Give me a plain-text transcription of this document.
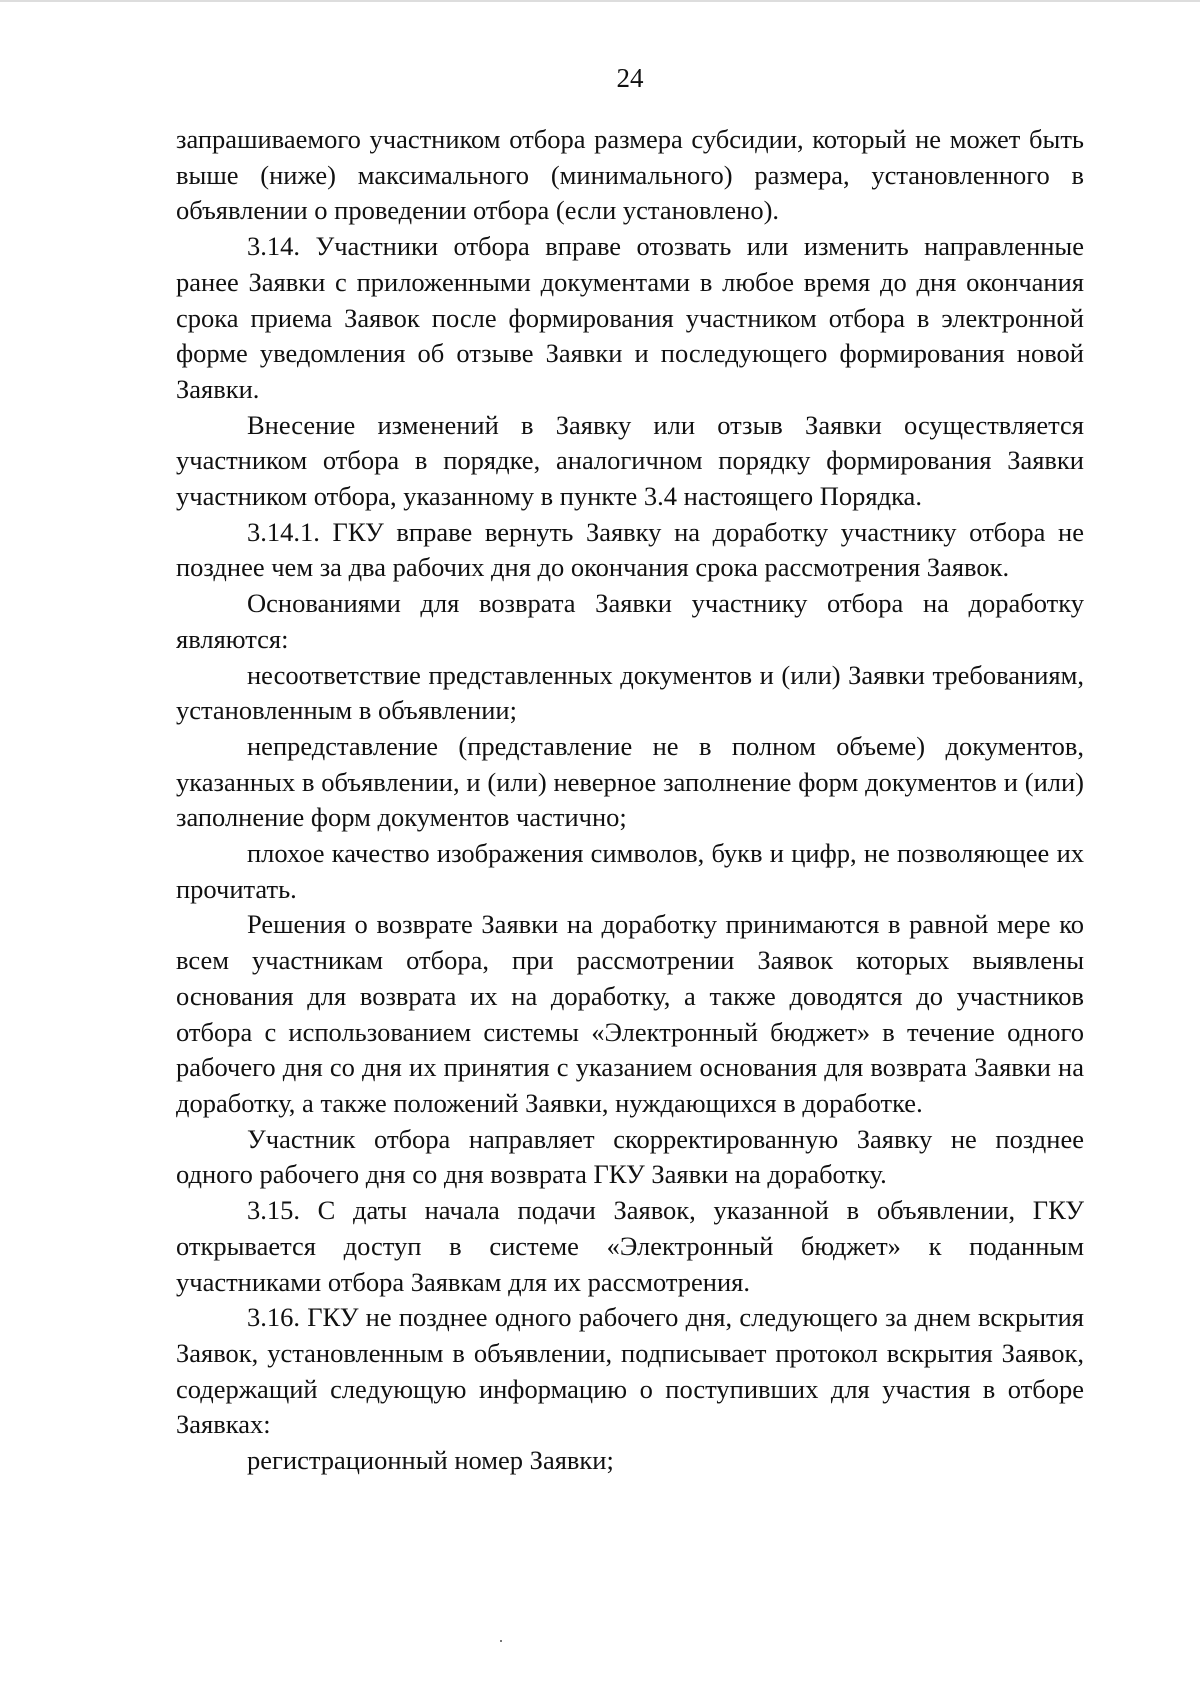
24

запрашиваемого участником отбора размера субсидии, который не может быть выше (ниже) максимального (минимального) размера, установленного в объявлении о проведении отбора (если установлено).

3.14. Участники отбора вправе отозвать или изменить направленные ранее Заявки с приложенными документами в любое время до дня окончания срока приема Заявок после формирования участником отбора в электронной форме уведомления об отзыве Заявки и последующего формирования новой Заявки.

Внесение изменений в Заявку или отзыв Заявки осуществляется участником отбора в порядке, аналогичном порядку формирования Заявки участником отбора, указанному в пункте 3.4 настоящего Порядка.

3.14.1. ГКУ вправе вернуть Заявку на доработку участнику отбора не позднее чем за два рабочих дня до окончания срока рассмотрения Заявок.

Основаниями для возврата Заявки участнику отбора на доработку являются:

несоответствие представленных документов и (или) Заявки требованиям, установленным в объявлении;

непредставление (представление не в полном объеме) документов, указанных в объявлении, и (или) неверное заполнение форм документов и (или) заполнение форм документов частично;

плохое качество изображения символов, букв и цифр, не позволяющее их прочитать.

Решения о возврате Заявки на доработку принимаются в равной мере ко всем участникам отбора, при рассмотрении Заявок которых выявлены основания для возврата их на доработку, а также доводятся до участников отбора с использованием системы «Электронный бюджет» в течение одного рабочего дня со дня их принятия с указанием основания для возврата Заявки на доработку, а также положений Заявки, нуждающихся в доработке.

Участник отбора направляет скорректированную Заявку не позднее одного рабочего дня со дня возврата ГКУ Заявки на доработку.

3.15. С даты начала подачи Заявок, указанной в объявлении, ГКУ открывается доступ в системе «Электронный бюджет» к поданным участниками отбора Заявкам для их рассмотрения.

3.16. ГКУ не позднее одного рабочего дня, следующего за днем вскрытия Заявок, установленным в объявлении, подписывает протокол вскрытия Заявок, содержащий следующую информацию о поступивших для участия в отборе Заявках:

регистрационный номер Заявки;
